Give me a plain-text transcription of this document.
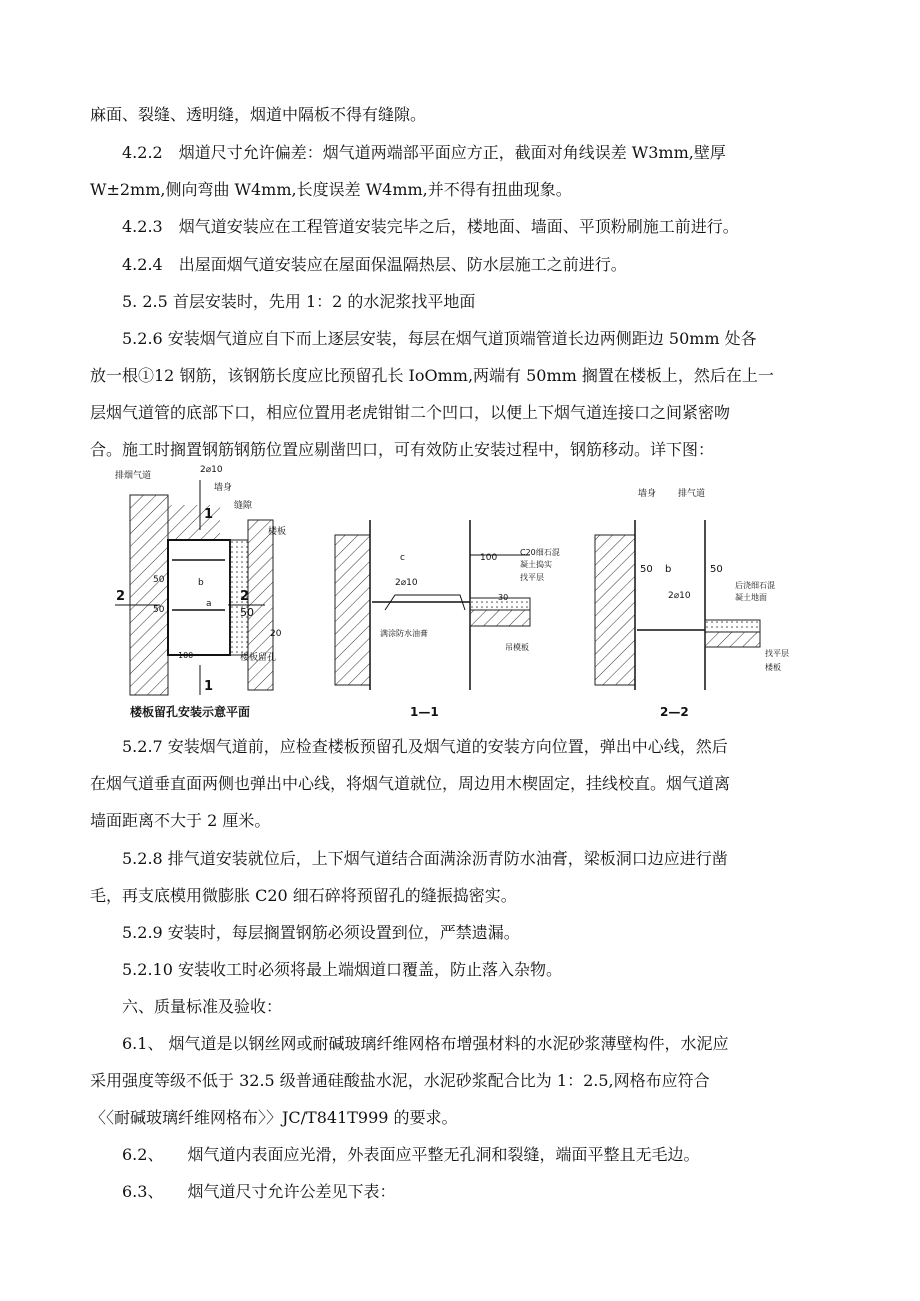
麻面、裂缝、透明缝，烟道中隔板不得有缝隙。
4.2.2　烟道尺寸允许偏差：烟气道两端部平面应方正，截面对角线误差 W3mm,壁厚
W±2mm,侧向弯曲 W4mm,长度误差 W4mm,并不得有扭曲现象。
4.2.3　烟气道安装应在工程管道安装完毕之后，楼地面、墙面、平顶粉刷施工前进行。
4.2.4　出屋面烟气道安装应在屋面保温隔热层、防水层施工之前进行。
5. 2.5 首层安装时，先用 1：2 的水泥浆找平地面
5.2.6 安装烟气道应自下而上逐层安装，每层在烟气道顶端管道长边两侧距边 50mm 处各
放一根①12 钢筋，该钢筋长度应比预留孔长 IoOmm,两端有 50mm 搁置在楼板上，然后在上一
层烟气道管的底部下口，相应位置用老虎钳钳二个凹口，以便上下烟气道连接口之间紧密吻
合。施工时搁置钢筋钢筋位置应剔凿凹口，可有效防止安装过程中，钢筋移动。详下图：
排烟气道
2⌀10
墙身
缝隙
楼板
楼板留孔
50
50	50
20
100
b
a
2	2
1
1
楼板留孔安装示意平面
c	100
2⌀10
C20细石混
凝土捣实
找平层
30
满涂防水油膏
吊模板
1—1
墙身 排气道
50 b	50
2⌀10
后浇细石混
凝土地面
找平层
楼板
2—2
5.2.7 安装烟气道前，应检查楼板预留孔及烟气道的安装方向位置，弹出中心线，然后
在烟气道垂直面两侧也弹出中心线，将烟气道就位，周边用木楔固定，挂线校直。烟气道离
墙面距离不大于 2 厘米。
5.2.8 排气道安装就位后，上下烟气道结合面满涂沥青防水油膏，梁板洞口边应进行凿
毛，再支底模用微膨胀 C20 细石碎将预留孔的缝振捣密实。
5.2.9 安装时，每层搁置钢筋必须设置到位，严禁遗漏。
5.2.10 安装收工时必须将最上端烟道口覆盖，防止落入杂物。
六、质量标准及验收：
6.1、 烟气道是以钢丝网或耐碱玻璃纤维网格布增强材料的水泥砂浆薄壁构件，水泥应
采用强度等级不低于 32.5 级普通硅酸盐水泥，水泥砂浆配合比为 1：2.5,网格布应符合
〈〈耐碱玻璃纤维网格布〉〉JC/T841T999 的要求。
6.2、　　烟气道内表面应光滑，外表面应平整无孔洞和裂缝，端面平整且无毛边。
6.3、　　烟气道尺寸允许公差见下表：
